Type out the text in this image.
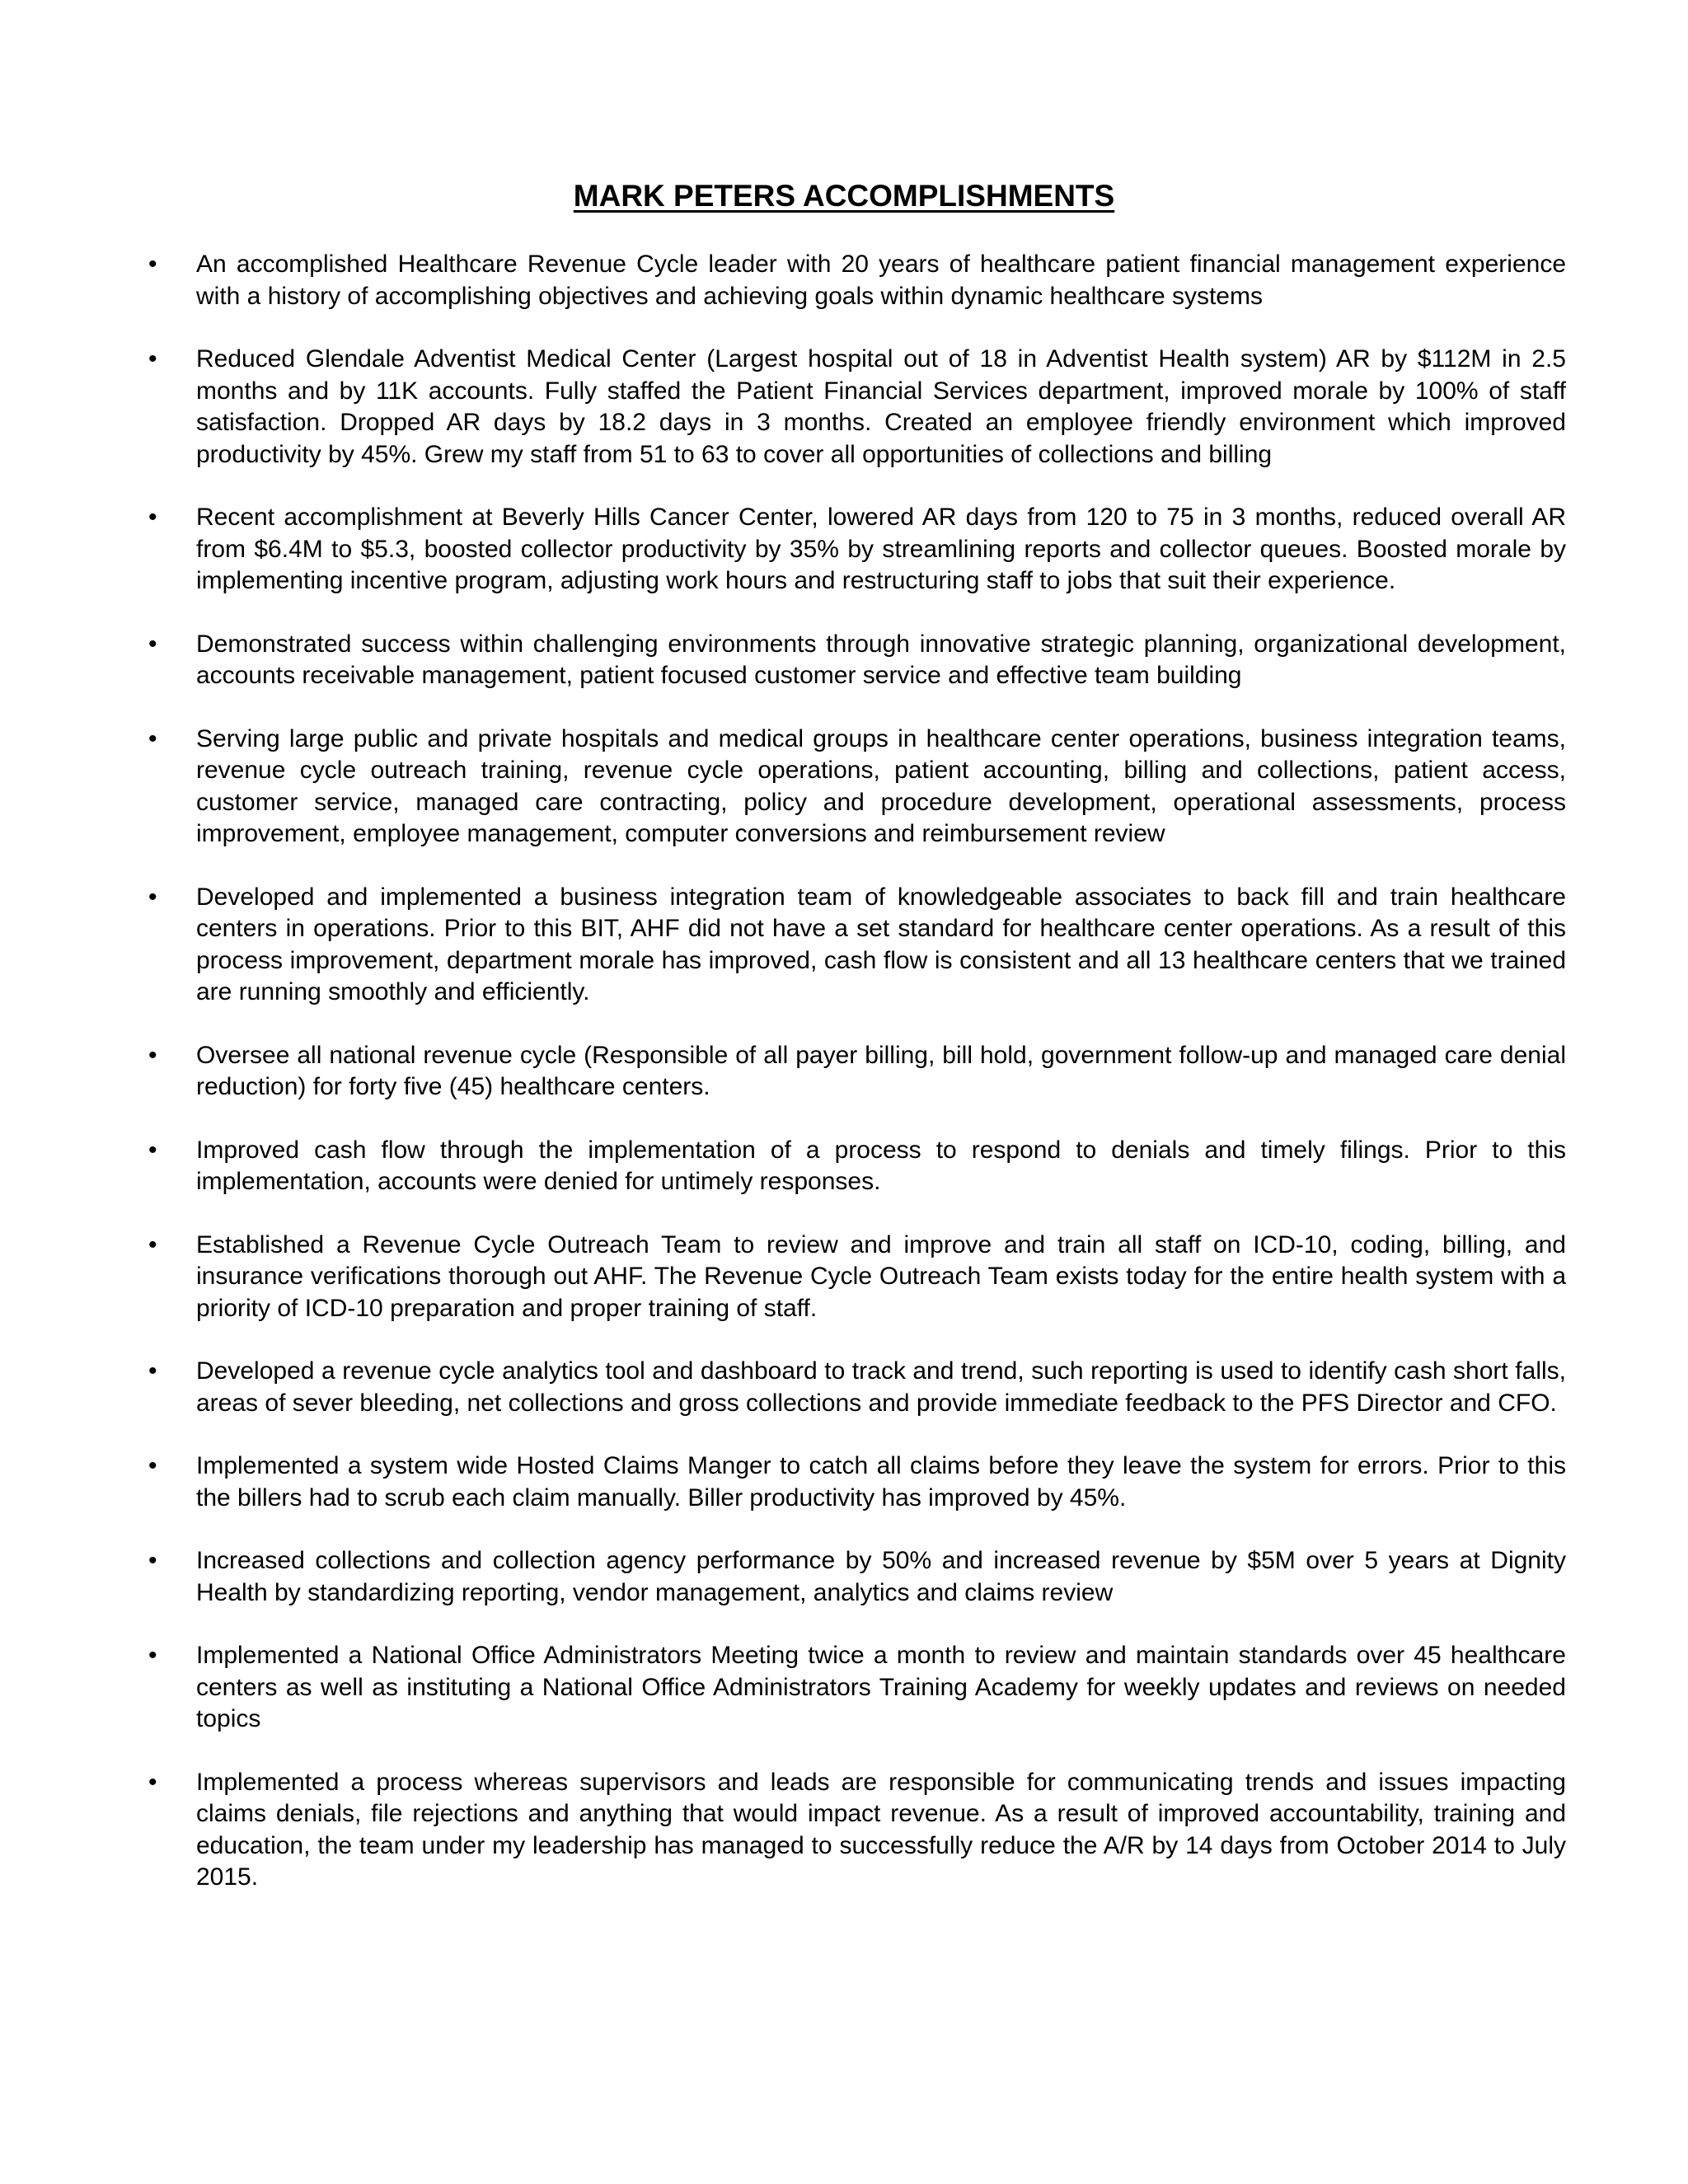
MARK PETERS ACCOMPLISHMENTS
•	An accomplished Healthcare Revenue Cycle leader with 20 years of healthcare patient financial management experience with a history of accomplishing objectives and achieving goals within dynamic healthcare systems
•	Reduced Glendale Adventist Medical Center (Largest hospital out of 18 in Adventist Health system) AR by $112M in 2.5 months and by 11K accounts. Fully staffed the Patient Financial Services department, improved morale by 100% of staff satisfaction. Dropped AR days by 18.2 days in 3 months. Created an employee friendly environment which improved productivity by 45%. Grew my staff from 51 to 63 to cover all opportunities of collections and billing
•	Recent accomplishment at Beverly Hills Cancer Center, lowered AR days from 120 to 75 in 3 months, reduced overall AR from $6.4M to $5.3, boosted collector productivity by 35% by streamlining reports and collector queues. Boosted morale by implementing incentive program, adjusting work hours and restructuring staff to jobs that suit their experience.
•	Demonstrated success within challenging environments through innovative strategic planning, organizational development, accounts receivable management, patient focused customer service and effective team building
•	Serving large public and private hospitals and medical groups in healthcare center operations, business integration teams, revenue cycle outreach training, revenue cycle operations, patient accounting, billing and collections, patient access, customer service, managed care contracting, policy and procedure development, operational assessments, process improvement, employee management, computer conversions and reimbursement review
•	Developed and implemented a business integration team of knowledgeable associates to back fill and train healthcare centers in operations. Prior to this BIT, AHF did not have a set standard for healthcare center operations. As a result of this process improvement, department morale has improved, cash flow is consistent and all 13 healthcare centers that we trained are running smoothly and efficiently.
•	Oversee all national revenue cycle (Responsible of all payer billing, bill hold, government follow-up and managed care denial reduction) for forty five (45) healthcare centers.
•	Improved cash flow through the implementation of a process to respond to denials and timely filings. Prior to this implementation, accounts were denied for untimely responses.
•	Established a Revenue Cycle Outreach Team to review and improve and train all staff on ICD-10, coding, billing, and insurance verifications thorough out AHF. The Revenue Cycle Outreach Team exists today for the entire health system with a priority of ICD-10 preparation and proper training of staff.
•	Developed a revenue cycle analytics tool and dashboard to track and trend, such reporting is used to identify cash short falls, areas of sever bleeding, net collections and gross collections and provide immediate feedback to the PFS Director and CFO.
•	Implemented a system wide Hosted Claims Manger to catch all claims before they leave the system for errors. Prior to this the billers had to scrub each claim manually. Biller productivity has improved by 45%.
•	Increased collections and collection agency performance by 50% and increased revenue by $5M over 5 years at Dignity Health by standardizing reporting, vendor management, analytics and claims review
•	Implemented a National Office Administrators Meeting twice a month to review and maintain standards over 45 healthcare centers as well as instituting a National Office Administrators Training Academy for weekly updates and reviews on needed topics
•	Implemented a process whereas supervisors and leads are responsible for communicating trends and issues impacting claims denials, file rejections and anything that would impact revenue. As a result of improved accountability, training and education, the team under my leadership has managed to successfully reduce the A/R by 14 days from October 2014 to July 2015.
